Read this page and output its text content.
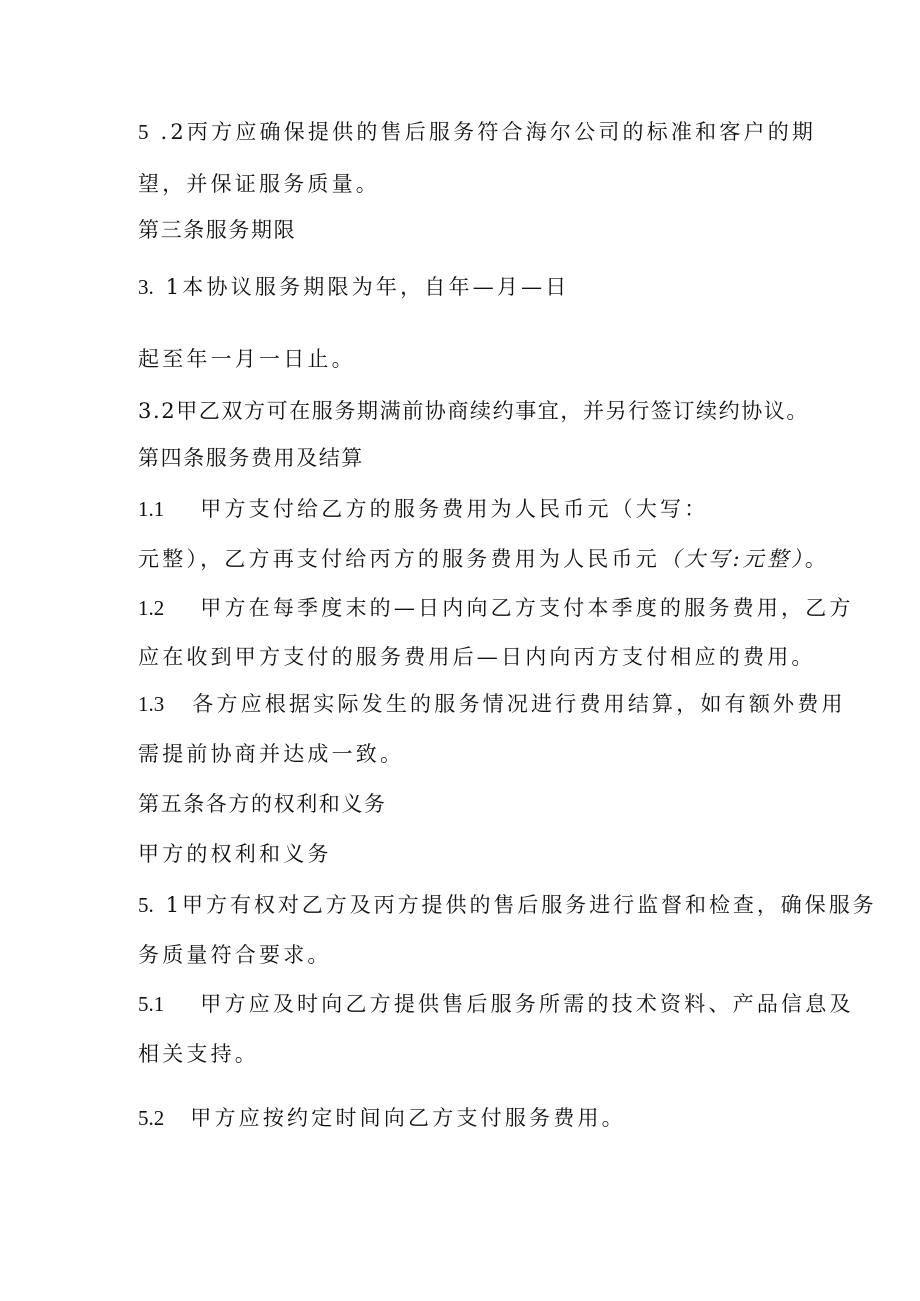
5 .2丙方应确保提供的售后服务符合海尔公司的标准和客户的期
望，并保证服务质量。
第三条服务期限
3. 1本协议服务期限为年，自年—月—日
起至年一月一日止。
3.2甲乙双方可在服务期满前协商续约事宜，并另行签订续约协议。
第四条服务费用及结算
1.1 甲方支付给乙方的服务费用为人民币元（大写：
元整），乙方再支付给丙方的服务费用为人民币元（大写:元整）。
1.2 甲方在每季度末的—日内向乙方支付本季度的服务费用，乙方
应在收到甲方支付的服务费用后—日内向丙方支付相应的费用。
1.3 各方应根据实际发生的服务情况进行费用结算，如有额外费用
需提前协商并达成一致。
第五条各方的权利和义务
甲方的权利和义务
5. 1甲方有权对乙方及丙方提供的售后服务进行监督和检查，确保服务
务质量符合要求。
5.1 甲方应及时向乙方提供售后服务所需的技术资料、产品信息及
相关支持。
5.2 甲方应按约定时间向乙方支付服务费用。
